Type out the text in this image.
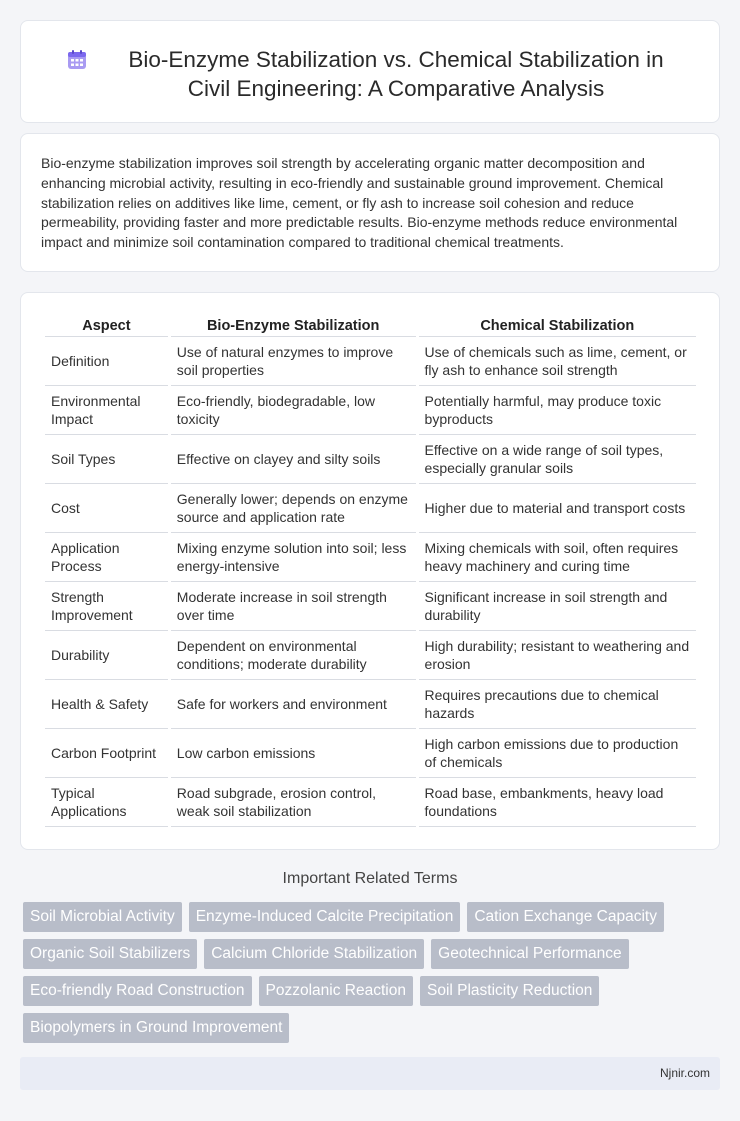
Bio-Enzyme Stabilization vs. Chemical Stabilization in Civil Engineering: A Comparative Analysis

Bio-enzyme stabilization improves soil strength by accelerating organic matter decomposition and enhancing microbial activity, resulting in eco-friendly and sustainable ground improvement. Chemical stabilization relies on additives like lime, cement, or fly ash to increase soil cohesion and reduce permeability, providing faster and more predictable results. Bio-enzyme methods reduce environmental impact and minimize soil contamination compared to traditional chemical treatments.

Aspect	Bio-Enzyme Stabilization	Chemical Stabilization
Definition	Use of natural enzymes to improve soil properties	Use of chemicals such as lime, cement, or fly ash to enhance soil strength
Environmental Impact	Eco-friendly, biodegradable, low toxicity	Potentially harmful, may produce toxic byproducts
Soil Types	Effective on clayey and silty soils	Effective on a wide range of soil types, especially granular soils
Cost	Generally lower; depends on enzyme source and application rate	Higher due to material and transport costs
Application Process	Mixing enzyme solution into soil; less energy-intensive	Mixing chemicals with soil, often requires heavy machinery and curing time
Strength Improvement	Moderate increase in soil strength over time	Significant increase in soil strength and durability
Durability	Dependent on environmental conditions; moderate durability	High durability; resistant to weathering and erosion
Health & Safety	Safe for workers and environment	Requires precautions due to chemical hazards
Carbon Footprint	Low carbon emissions	High carbon emissions due to production of chemicals
Typical Applications	Road subgrade, erosion control, weak soil stabilization	Road base, embankments, heavy load foundations
Important Related Terms
Soil Microbial Activity	Enzyme-Induced Calcite Precipitation	Cation Exchange Capacity
Organic Soil Stabilizers	Calcium Chloride Stabilization	Geotechnical Performance
Eco-friendly Road Construction	Pozzolanic Reaction	Soil Plasticity Reduction
Biopolymers in Ground Improvement
Njnir.com
